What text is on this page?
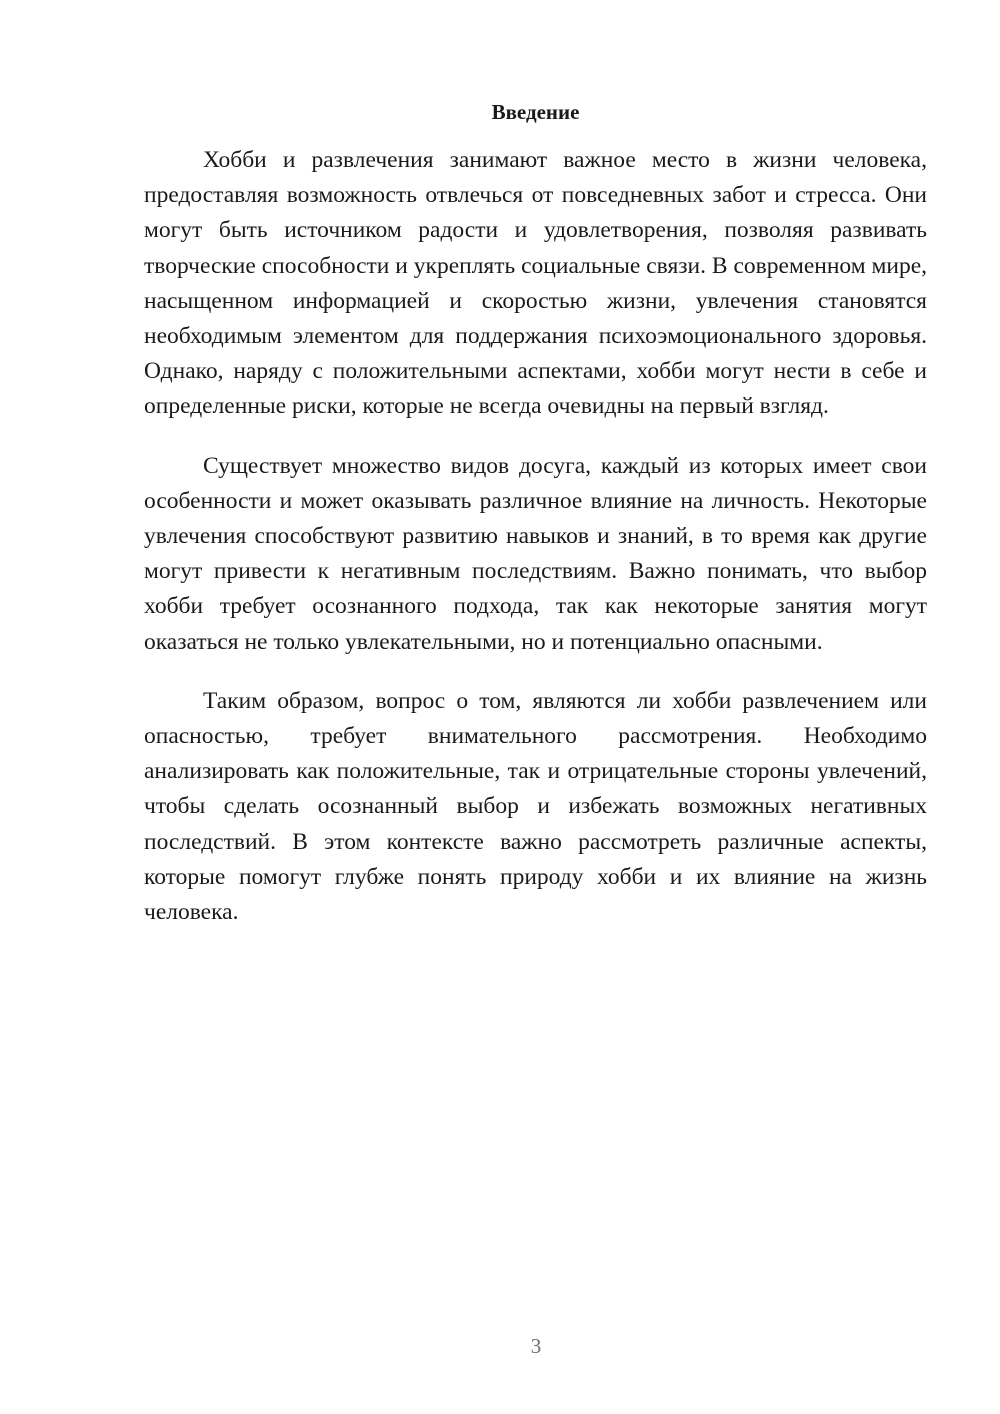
Введение

Хобби и развлечения занимают важное место в жизни человека, предоставляя возможность отвлечься от повседневных забот и стресса. Они могут быть источником радости и удовлетворения, позволяя развивать творческие способности и укреплять социальные связи. В современном мире, насыщенном информацией и скоростью жизни, увлечения становятся необходимым элементом для поддержания психоэмоционального здоровья. Однако, наряду с положительными аспектами, хобби могут нести в себе и определенные риски, которые не всегда очевидны на первый взгляд.

Существует множество видов досуга, каждый из которых имеет свои особенности и может оказывать различное влияние на личность. Некоторые увлечения способствуют развитию навыков и знаний, в то время как другие могут привести к негативным последствиям. Важно понимать, что выбор хобби требует осознанного подхода, так как некоторые занятия могут оказаться не только увлекательными, но и потенциально опасными.

Таким образом, вопрос о том, являются ли хобби развлечением или опасностью, требует внимательного рассмотрения. Необходимо анализировать как положительные, так и отрицательные стороны увлечений, чтобы сделать осознанный выбор и избежать возможных негативных последствий. В этом контексте важно рассмотреть различные аспекты, которые помогут глубже понять природу хобби и их влияние на жизнь человека.

3
